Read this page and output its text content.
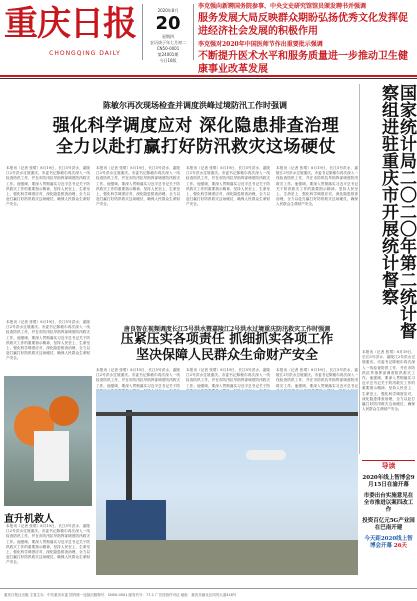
重庆日报
CHONGQING DAILY
2020年8月
20
星期四
农历庚子年七月初二
CN50-0001
第24001期
今日16版
李克强向新聘国务院参事、中央文史研究馆馆员颁发聘书并强调
服务发展大局反映群众期盼弘扬优秀文化发挥促进经济社会发展的积极作用
李克强对2020年中国医师节作出重要批示强调
不断提升医术水平和服务质量进一步推动卫生健康事业改革发展
陈敏尔再次现场检查并调度洪峰过境防汛工作时强调
强化科学调度应对 深化隐患排查治理
全力以赴打赢打好防汛救灾这场硬仗
本报讯（记者 张珺）8月19日，长江5号洪水、嘉陵江2号洪水过境重庆。市委书记陈敏尔再次深入一线检查防汛工作，并在市防汛抗旱指挥部调度防汛救灾工作。他强调，要深入贯彻落实习近平总书记关于防汛救灾工作的重要指示精神，坚持人民至上、生命至上，强化科学调度应对，深化隐患排查治理，全力以赴打赢打好防汛救灾这场硬仗，确保人民群众生命财产安全。
本报讯（记者 张珺）8月19日，长江5号洪水、嘉陵江2号洪水过境重庆。市委书记陈敏尔再次深入一线检查防汛工作，并在市防汛抗旱指挥部调度防汛救灾工作。他强调，要深入贯彻落实习近平总书记关于防汛救灾工作的重要指示精神，坚持人民至上、生命至上，强化科学调度应对，深化隐患排查治理，全力以赴打赢打好防汛救灾这场硬仗，确保人民群众生命财产安全。
本报讯（记者 张珺）8月19日，长江5号洪水、嘉陵江2号洪水过境重庆。市委书记陈敏尔再次深入一线检查防汛工作，并在市防汛抗旱指挥部调度防汛救灾工作。他强调，要深入贯彻落实习近平总书记关于防汛救灾工作的重要指示精神，坚持人民至上、生命至上，强化科学调度应对，深化隐患排查治理，全力以赴打赢打好防汛救灾这场硬仗，确保人民群众生命财产安全。
本报讯（记者 张珺）8月19日，长江5号洪水、嘉陵江2号洪水过境重庆。市委书记陈敏尔再次深入一线检查防汛工作，并在市防汛抗旱指挥部调度防汛救灾工作。他强调，要深入贯彻落实习近平总书记关于防汛救灾工作的重要指示精神，坚持人民至上、生命至上，强化科学调度应对，深化隐患排查治理，全力以赴打赢打好防汛救灾这场硬仗，确保人民群众生命财产安全。	国家统计局二〇二〇年第二统计督察组进驻重庆市开展统计督察
本报讯（记者 张珺）8月19日，长江5号洪水、嘉陵江2号洪水过境重庆。市委书记陈敏尔再次深入一线检查防汛工作，并在市防汛抗旱指挥部调度防汛救灾工作。他强调，要深入贯彻落实习近平总书记关于防汛救灾工作的重要指示精神，坚持人民至上、生命至上，强化科学调度应对，深化隐患排查治理，全力以赴打赢打好防汛救灾这场硬仗，确保人民群众生命财产安全。
本报讯（记者 张珺）8月19日，长江5号洪水、嘉陵江2号洪水过境重庆。市委书记陈敏尔再次深入一线检查防汛工作，并在市防汛抗旱指挥部调度防汛救灾工作。他强调，要深入贯彻落实习近平总书记关于防汛救灾工作的重要指示精神，坚持人民至上、生命至上，强化科学调度应对，深化隐患排查治理，全力以赴打赢打好防汛救灾这场硬仗，确保人民群众生命财产安全。
直升机救人
本报讯（记者 张珺）8月19日，长江5号洪水、嘉陵江2号洪水过境重庆。市委书记陈敏尔再次深入一线检查防汛工作，并在市防汛抗旱指挥部调度防汛救灾工作。他强调，要深入贯彻落实习近平总书记关于防汛救灾工作的重要指示精神，坚持人民至上、生命至上，强化科学调度应对，深化隐患排查治理，全力以赴打赢打好防汛救灾这场硬仗，确保人民群众生命财产安全。
唐良智在视频调度长江5号洪水暨嘉陵江2号洪水过境重庆防汛救灾工作时强调
压紧压实各项责任 抓细抓实各项工作
坚决保障人民群众生命财产安全
本报讯（记者 张珺）8月19日，长江5号洪水、嘉陵江2号洪水过境重庆。市委书记陈敏尔再次深入一线检查防汛工作，并在市防汛抗旱指挥部调度防汛救灾工作。他强调，要深入贯彻落实习近平总书记关于防
本报讯（记者 张珺）8月19日，长江5号洪水、嘉陵江2号洪水过境重庆。市委书记陈敏尔再次深入一线检查防汛工作，并在市防汛抗旱指挥部调度防汛救灾工作。他强调，要深入贯彻落实习近平总书记关于防
本报讯（记者 张珺）8月19日，长江5号洪水、嘉陵江2号洪水过境重庆。市委书记陈敏尔再次深入一线检查防汛工作，并在市防汛抗旱指挥部调度防汛救灾工作。他强调，要深入贯彻落实习近平总书记
导读
2020年线上智博会9月15日在渝开幕
市委出台实施意见在全市推进以案四改工作
投资百亿元5G产业园在巴南开建
今天距2020线上智博会开幕 26天
重庆日报社出版 主管主办：中共重庆市委 国内统一连续出版物号：CN50-0001 邮发代号：77-1 广告经营许可证 地址：重庆市渝北区同茂大道416号
